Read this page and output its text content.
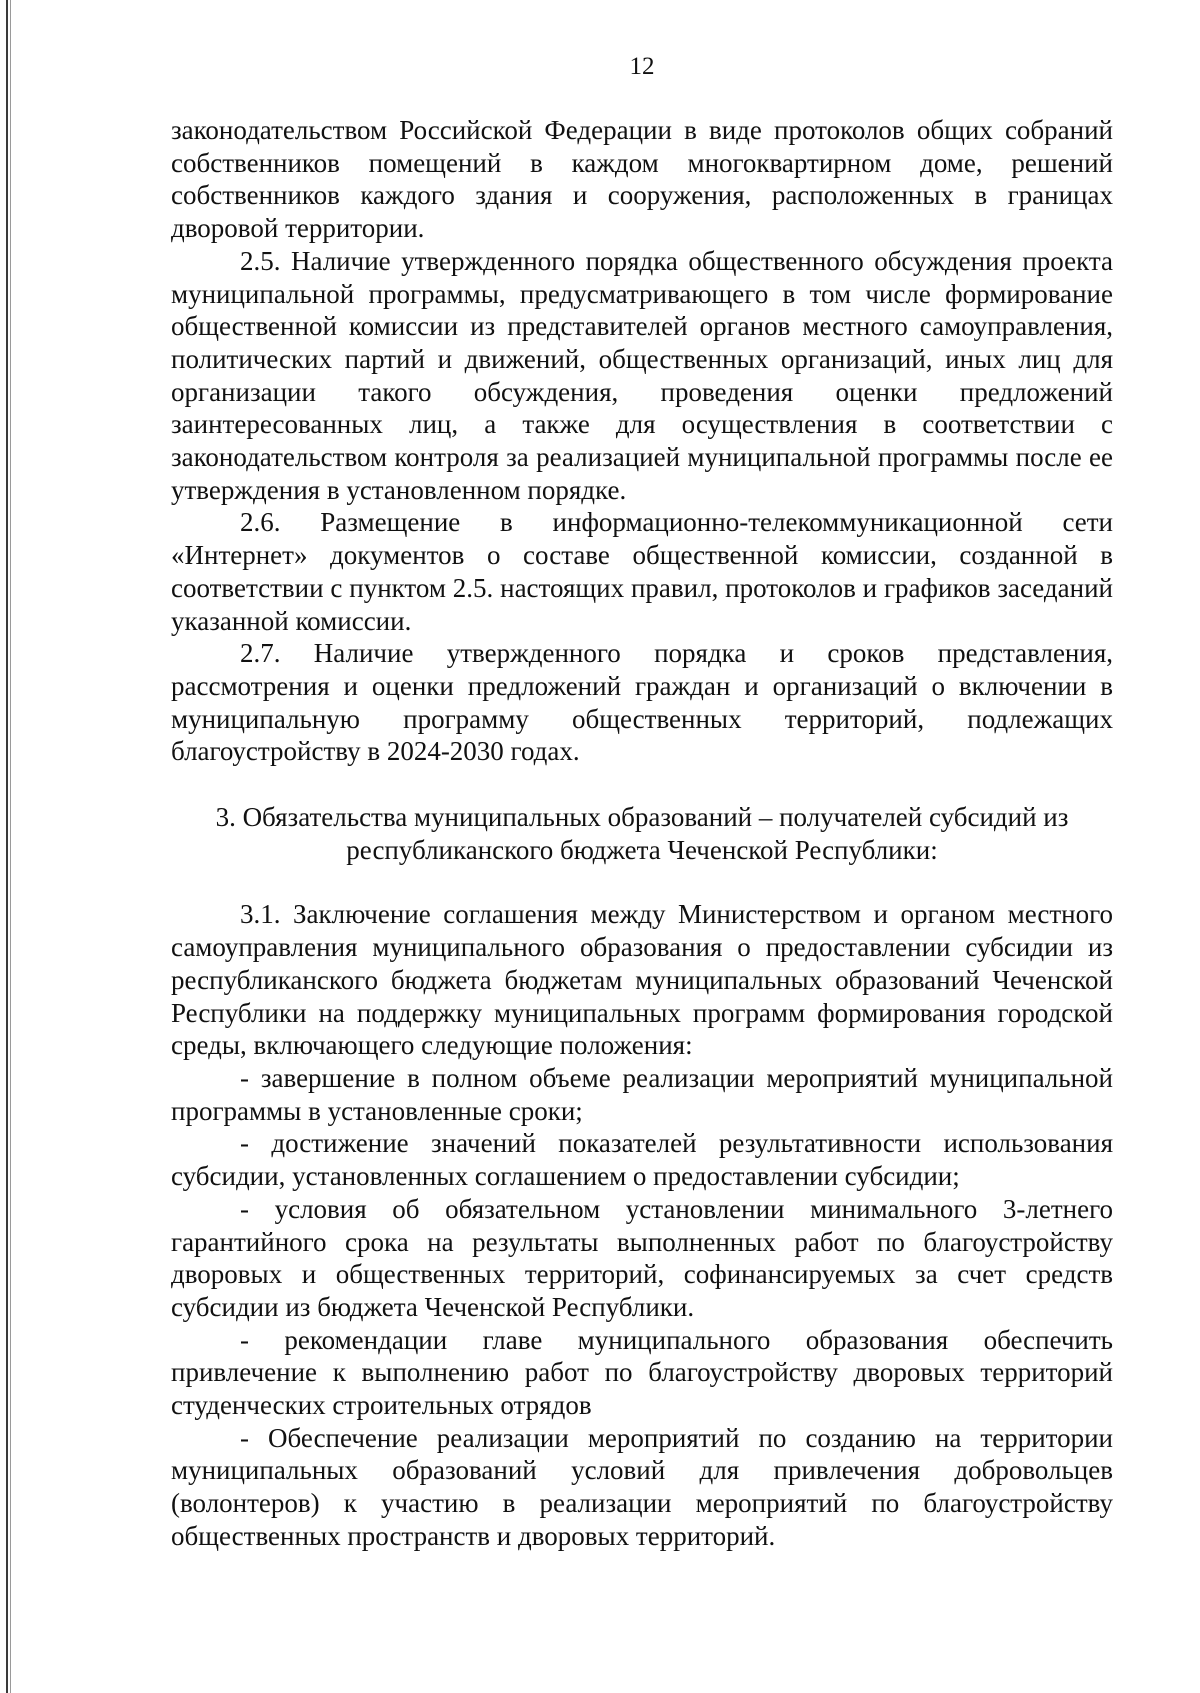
12

законодательством Российской Федерации в виде протоколов общих собраний собственников помещений в каждом многоквартирном доме, решений собственников каждого здания и сооружения, расположенных в границах дворовой территории.

2.5. Наличие утвержденного порядка общественного обсуждения проекта муниципальной программы, предусматривающего в том числе формирование общественной комиссии из представителей органов местного самоуправления, политических партий и движений, общественных организаций, иных лиц для организации такого обсуждения, проведения оценки предложений заинтересованных лиц, а также для осуществления в соответствии с законодательством контроля за реализацией муниципальной программы после ее утверждения в установленном порядке.

2.6. Размещение в информационно-телекоммуникационной сети «Интернет» документов о составе общественной комиссии, созданной в соответствии с пунктом 2.5. настоящих правил, протоколов и графиков заседаний указанной комиссии.

2.7. Наличие утвержденного порядка и сроков представления, рассмотрения и оценки предложений граждан и организаций о включении в муниципальную программу общественных территорий, подлежащих благоустройству в 2024-2030 годах.

3. Обязательства муниципальных образований – получателей субсидий из республиканского бюджета Чеченской Республики:

3.1. Заключение соглашения между Министерством и органом местного самоуправления муниципального образования о предоставлении субсидии из республиканского бюджета бюджетам муниципальных образований Чеченской Республики на поддержку муниципальных программ формирования городской среды, включающего следующие положения:

- завершение в полном объеме реализации мероприятий муниципальной программы в установленные сроки;

- достижение значений показателей результативности использования субсидии, установленных соглашением о предоставлении субсидии;

- условия об обязательном установлении минимального 3-летнего гарантийного срока на результаты выполненных работ по благоустройству дворовых и общественных территорий, софинансируемых за счет средств субсидии из бюджета Чеченской Республики.

- рекомендации главе муниципального образования обеспечить привлечение к выполнению работ по благоустройству дворовых территорий студенческих строительных отрядов

- Обеспечение реализации мероприятий по созданию на территории муниципальных образований условий для привлечения добровольцев (волонтеров) к участию в реализации мероприятий по благоустройству общественных пространств и дворовых территорий.
